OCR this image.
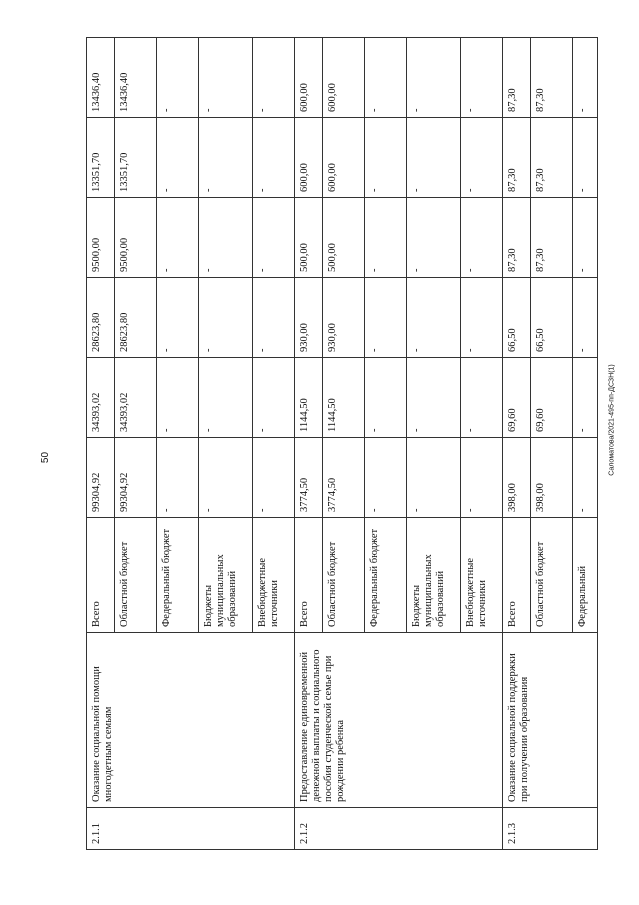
50	Саломатова/2021-495-пп-ДСЗН(1)
2.1.1	Оказание социальной помощи многодетным семьям	Всего	99304,92	34393,02	28623,80	9500,00	13351,70	13436,40
		Областной бюджет	99304,92	34393,02	28623,80	9500,00	13351,70	13436,40
		Федеральный бюджет	-	-	-	-	-	-
		Бюджеты муниципальных образований	-	-	-	-	-	-
		Внебюджетные источники	-	-	-	-	-	-
2.1.2	Предоставление единовременной денежной выплаты и социального пособия студенческой семье при рождении ребенка	Всего	3774,50	1144,50	930,00	500,00	600,00	600,00
		Областной бюджет	3774,50	1144,50	930,00	500,00	600,00	600,00
		Федеральный бюджет	-	-	-	-	-	-
		Бюджеты муниципальных образований	-	-	-	-	-	-
		Внебюджетные источники	-	-	-	-	-	-
2.1.3	Оказание социальной поддержки при получении образования	Всего	398,00	69,60	66,50	87,30	87,30	87,30
		Областной бюджет	398,00	69,60	66,50	87,30	87,30	87,30
		Федеральный	-	-	-	-	-	-
